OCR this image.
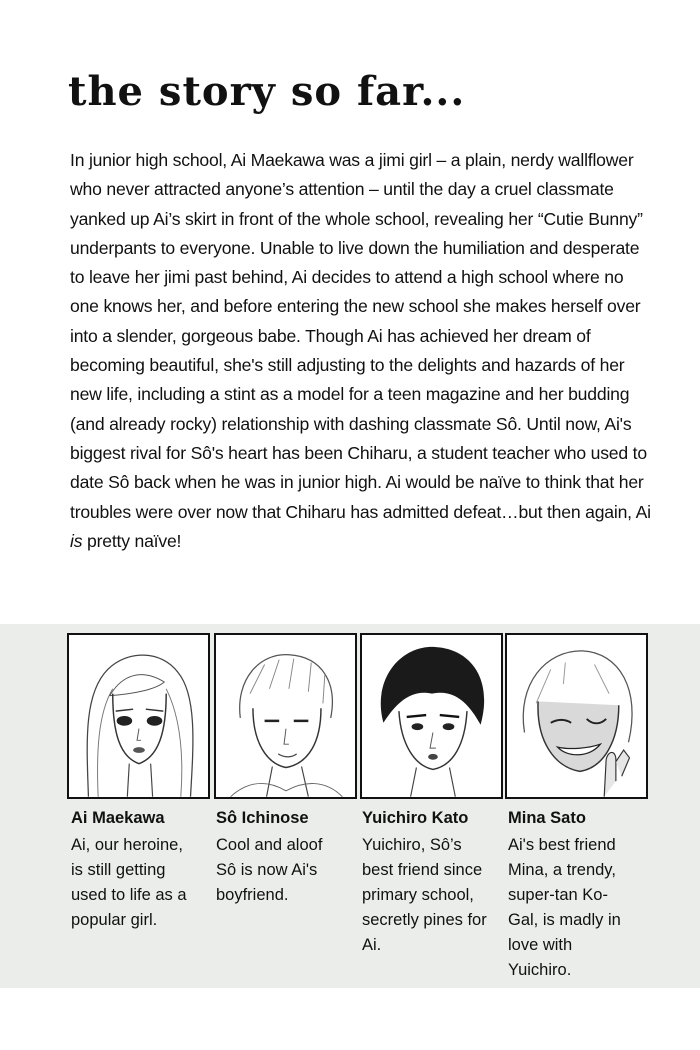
the story so far...

In junior high school, Ai Maekawa was a jimi girl – a plain, nerdy wallflower
who never attracted anyone’s attention – until the day a cruel classmate
yanked up Ai’s skirt in front of the whole school, revealing her “Cutie Bunny”
underpants to everyone. Unable to live down the humiliation and desperate
to leave her jimi past behind, Ai decides to attend a high school where no
one knows her, and before entering the new school she makes herself over
into a slender, gorgeous babe. Though Ai has achieved her dream of
becoming beautiful, she's still adjusting to the delights and hazards of her
new life, including a stint as a model for a teen magazine and her budding
(and already rocky) relationship with dashing classmate Sô. Until now, Ai's
biggest rival for Sô's heart has been Chiharu, a student teacher who used to
date Sô back when he was in junior high. Ai would be naïve to think that her
troubles were over now that Chiharu has admitted defeat…but then again, Ai
is pretty naïve!

Ai Maekawa

Ai, our heroine,
is still getting
used to life as a
popular girl.

Sô Ichinose

Cool and aloof
Sô is now Ai's
boyfriend.

Yuichiro Kato

Yuichiro, Sô’s
best friend since
primary school,
secretly pines for
Ai.

Mina Sato

Ai's best friend
Mina, a trendy,
super-tan Ko-
Gal, is madly in
love with
Yuichiro.
